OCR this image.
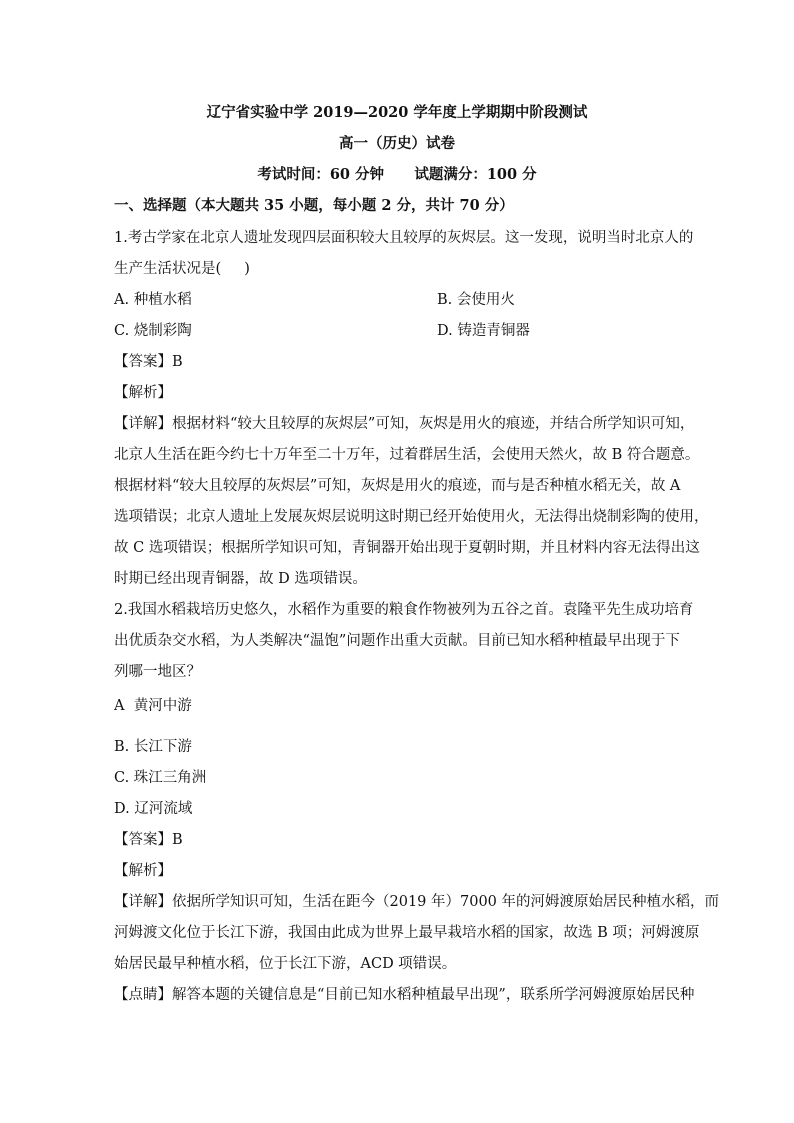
辽宁省实验中学 2019—2020 学年度上学期期中阶段测试
高一（历史）试卷
考试时间：60 分钟      试题满分：100 分
一、选择题（本大题共 35 小题，每小题 2 分，共计 70 分）
1.考古学家在北京人遗址发现四层面积较大且较厚的灰烬层。这一发现，说明当时北京人的
生产生活状况是(     )
A. 种植水稻	B. 会使用火
C. 烧制彩陶	D. 铸造青铜器
【答案】B
【解析】
【详解】根据材料“较大且较厚的灰烬层”可知，灰烬是用火的痕迹，并结合所学知识可知，
北京人生活在距今约七十万年至二十万年，过着群居生活，会使用天然火，故 B 符合题意。
根据材料“较大且较厚的灰烬层”可知，灰烬是用火的痕迹，而与是否种植水稻无关，故 A
选项错误；北京人遗址上发展灰烬层说明这时期已经开始使用火，无法得出烧制彩陶的使用，
故 C 选项错误；根据所学知识可知，青铜器开始出现于夏朝时期，并且材料内容无法得出这
时期已经出现青铜器，故 D 选项错误。
2.我国水稻栽培历史悠久，水稻作为重要的粮食作物被列为五谷之首。袁隆平先生成功培育
出优质杂交水稻，为人类解决“温饱”问题作出重大贡献。目前已知水稻种植最早出现于下
列哪一地区？
A  黄河中游
B. 长江下游
C. 珠江三角洲
D. 辽河流域
【答案】B
【解析】
【详解】依据所学知识可知，生活在距今（2019 年）7000 年的河姆渡原始居民种植水稻，而
河姆渡文化位于长江下游，我国由此成为世界上最早栽培水稻的国家，故选 B 项；河姆渡原
始居民最早种植水稻，位于长江下游，ACD 项错误。
【点睛】解答本题的关键信息是“目前已知水稻种植最早出现”，联系所学河姆渡原始居民种
